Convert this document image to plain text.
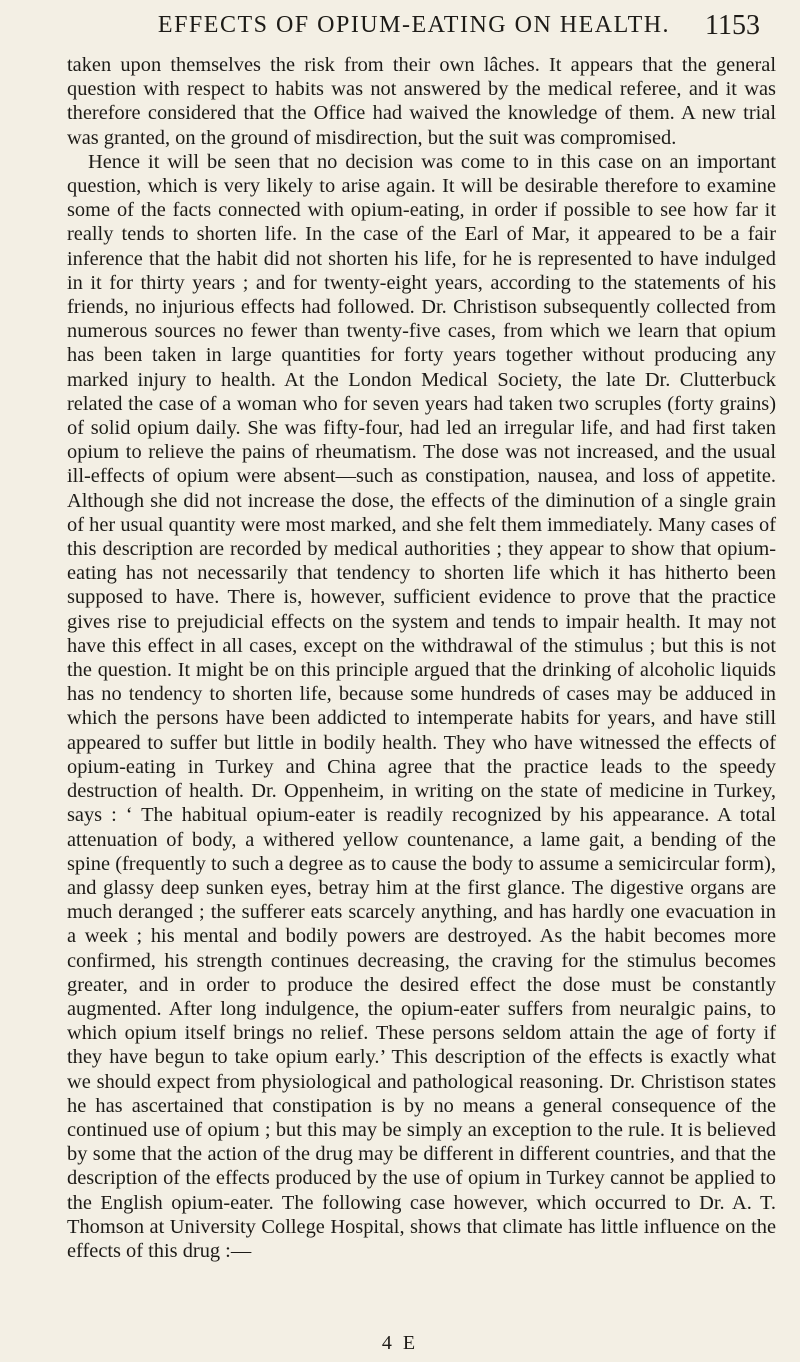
EFFECTS OF OPIUM-EATING ON HEALTH.	1153

taken upon themselves the risk from their own lâches. It appears that the general question with respect to habits was not answered by the medical referee, and it was therefore considered that the Office had waived the knowledge of them. A new trial was granted, on the ground of misdirection, but the suit was compromised.

Hence it will be seen that no decision was come to in this case on an important question, which is very likely to arise again. It will be desirable therefore to examine some of the facts connected with opium-eating, in order if possible to see how far it really tends to shorten life. In the case of the Earl of Mar, it appeared to be a fair inference that the habit did not shorten his life, for he is represented to have indulged in it for thirty years ; and for twenty-eight years, according to the statements of his friends, no injurious effects had followed. Dr. Christison subsequently collected from numerous sources no fewer than twenty-five cases, from which we learn that opium has been taken in large quantities for forty years together without producing any marked injury to health. At the London Medical Society, the late Dr. Clutterbuck related the case of a woman who for seven years had taken two scruples (forty grains) of solid opium daily. She was fifty-four, had led an irregular life, and had first taken opium to relieve the pains of rheumatism. The dose was not increased, and the usual ill-effects of opium were absent—such as constipation, nausea, and loss of appetite. Although she did not increase the dose, the effects of the diminution of a single grain of her usual quantity were most marked, and she felt them immediately. Many cases of this description are recorded by medical authorities ; they appear to show that opium-eating has not necessarily that tendency to shorten life which it has hitherto been supposed to have. There is, however, sufficient evidence to prove that the practice gives rise to prejudicial effects on the system and tends to impair health. It may not have this effect in all cases, except on the withdrawal of the stimulus ; but this is not the question. It might be on this principle argued that the drinking of alcoholic liquids has no tendency to shorten life, because some hundreds of cases may be adduced in which the persons have been addicted to intemperate habits for years, and have still appeared to suffer but little in bodily health. They who have witnessed the effects of opium-eating in Turkey and China agree that the practice leads to the speedy destruction of health. Dr. Oppenheim, in writing on the state of medicine in Turkey, says : ‘ The habitual opium-eater is readily recognized by his appearance. A total attenuation of body, a withered yellow countenance, a lame gait, a bending of the spine (frequently to such a degree as to cause the body to assume a semicircular form), and glassy deep sunken eyes, betray him at the first glance. The digestive organs are much deranged ; the sufferer eats scarcely anything, and has hardly one evacuation in a week ; his mental and bodily powers are destroyed. As the habit becomes more confirmed, his strength continues decreasing, the craving for the stimulus becomes greater, and in order to produce the desired effect the dose must be constantly augmented. After long indulgence, the opium-eater suffers from neuralgic pains, to which opium itself brings no relief. These persons seldom attain the age of forty if they have begun to take opium early.’ This description of the effects is exactly what we should expect from physiological and pathological reasoning. Dr. Christison states he has ascertained that constipation is by no means a general consequence of the continued use of opium ; but this may be simply an exception to the rule. It is believed by some that the action of the drug may be different in different countries, and that the description of the effects produced by the use of opium in Turkey cannot be applied to the English opium-eater. The following case however, which occurred to Dr. A. T. Thomson at University College Hospital, shows that climate has little influence on the effects of this drug :—

4 E
